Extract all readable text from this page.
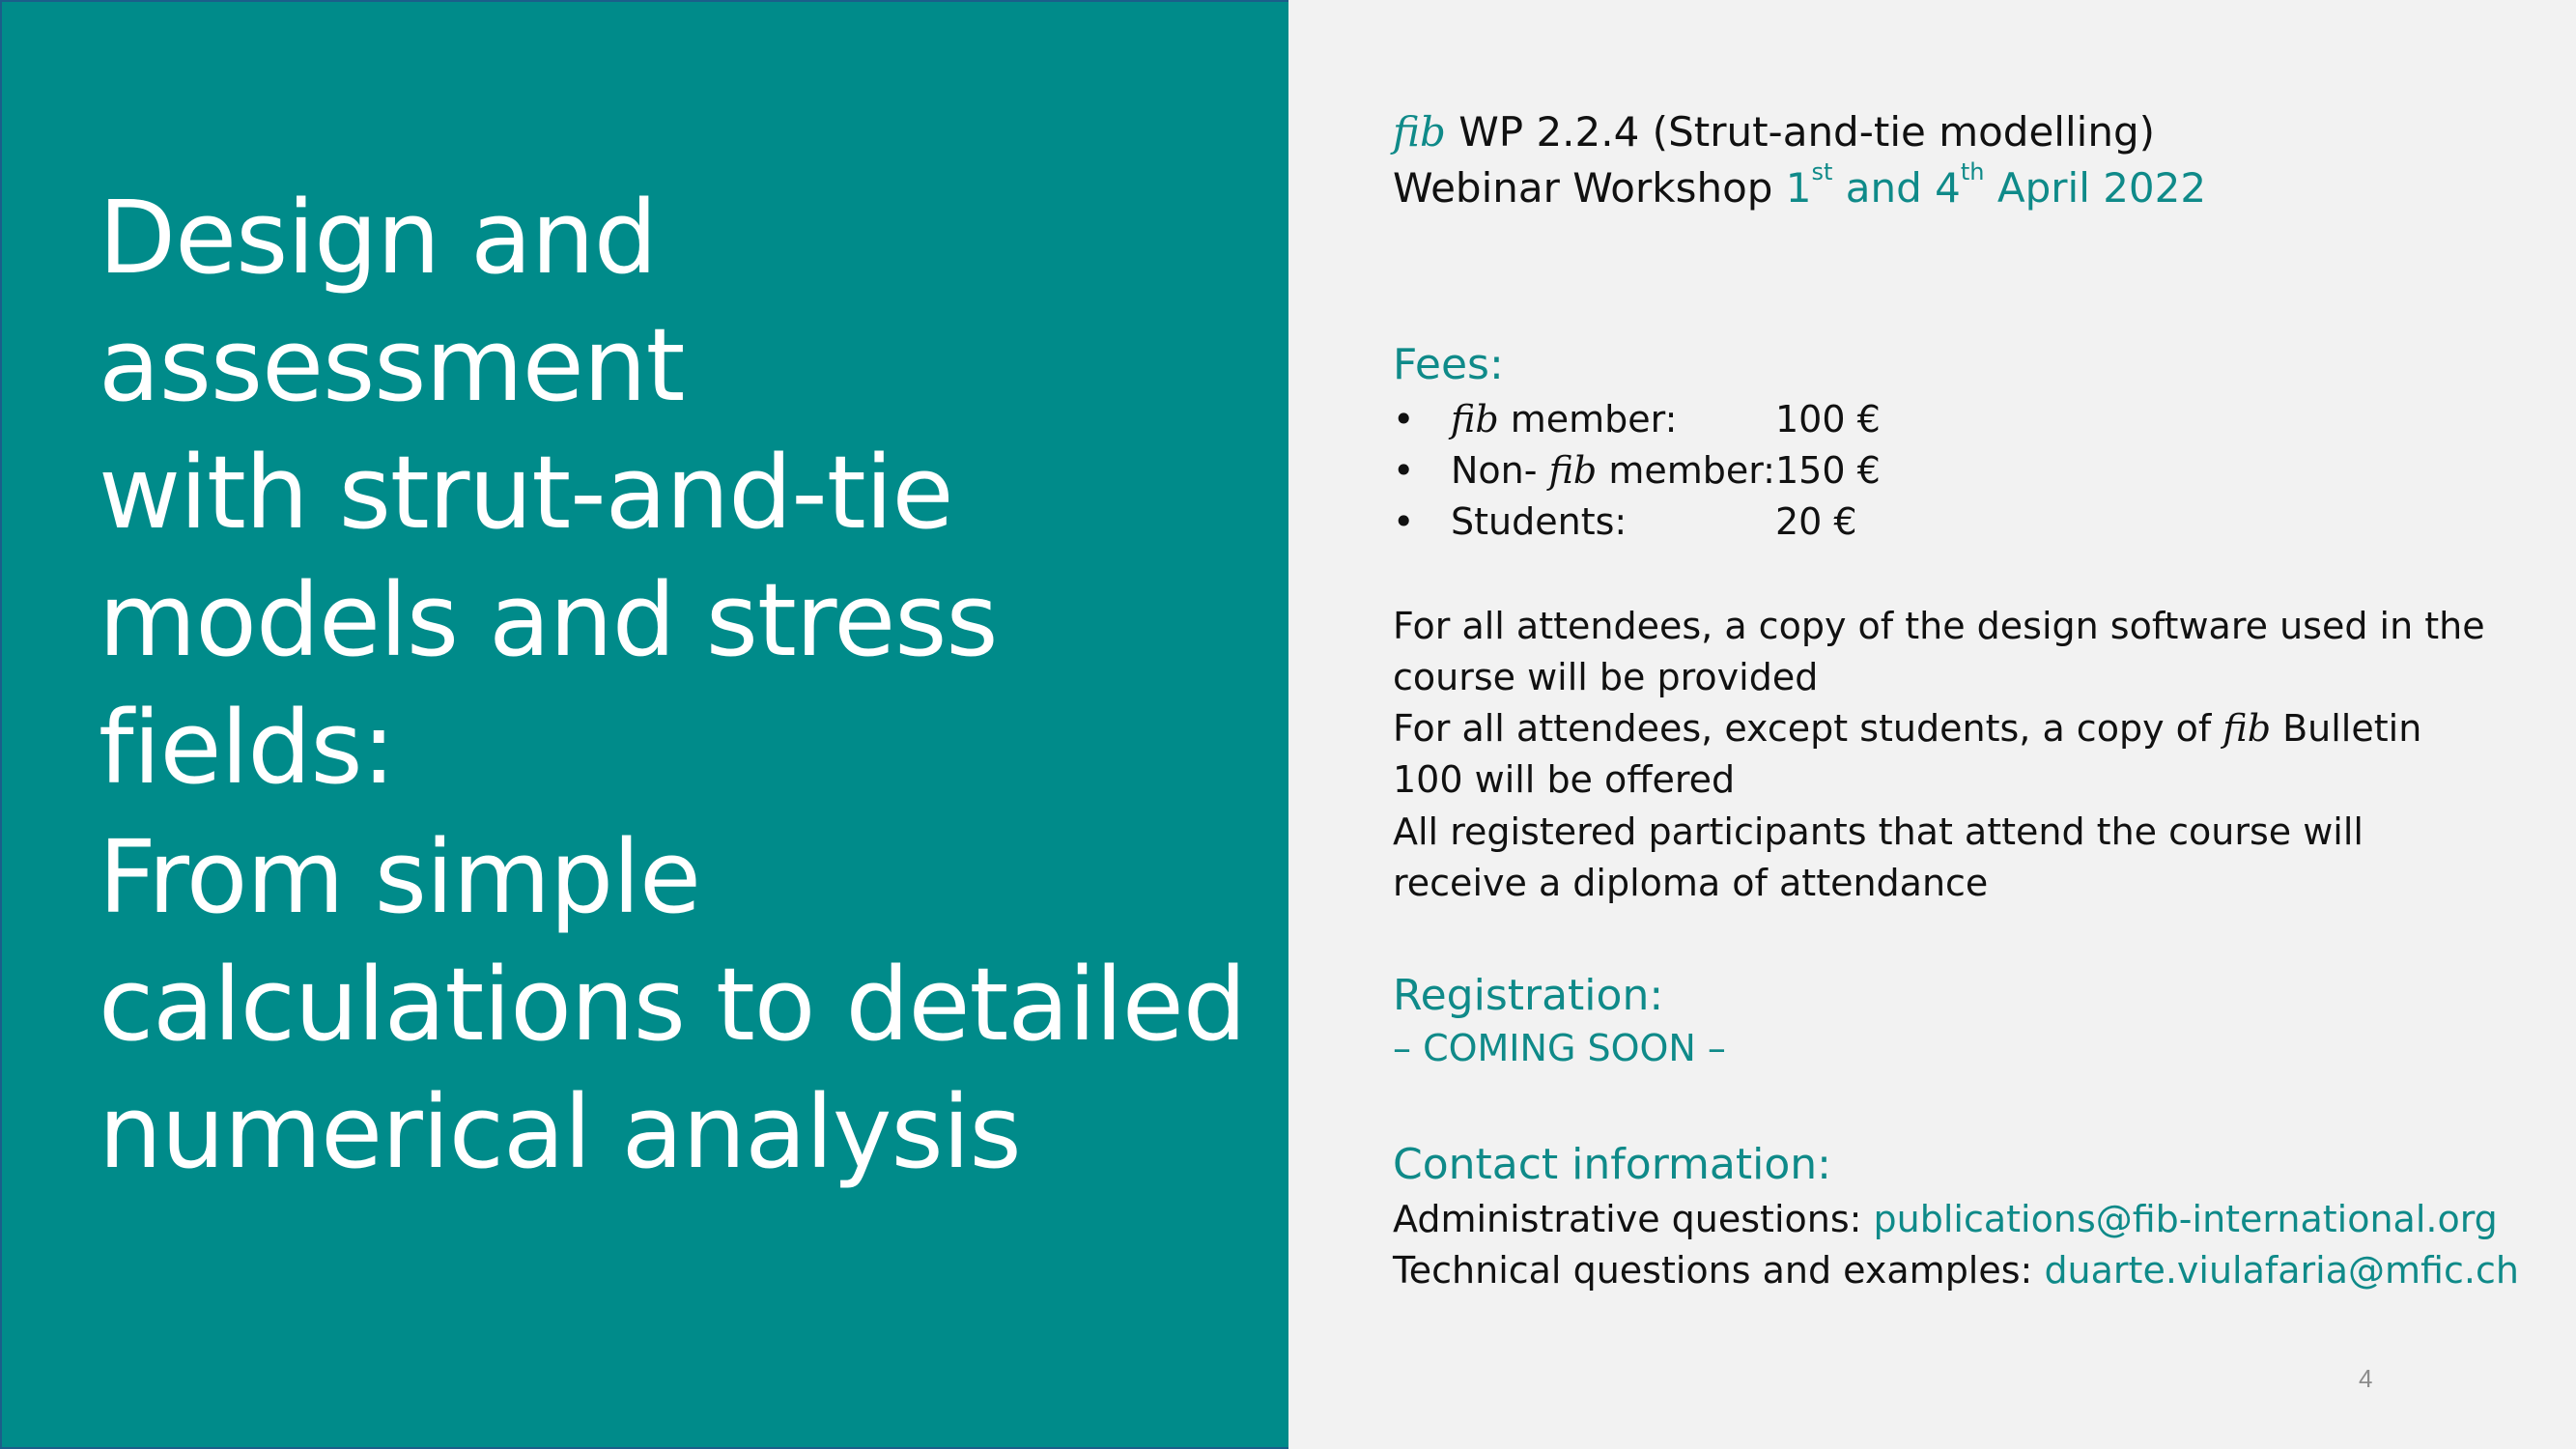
Design and assessment
with strut-and-tie
models and stress
fields:
From simple
calculations to detailed
numerical analysis
fib WP 2.2.4 (Strut-and-tie modelling)
Webinar Workshop 1st and 4th April 2022
Fees:
• fib member:	100 €
• Non- fib member:150 €
• Students:	20 €
For all attendees, a copy of the design software used in the course will be provided
For all attendees, except students, a copy of fib Bulletin 100 will be offered
All registered participants that attend the course will receive a diploma of attendance
Registration:
– COMING SOON –
Contact information:
Administrative questions: publications@fib-international.org
Technical questions and examples: duarte.viulafaria@mfic.ch
4
